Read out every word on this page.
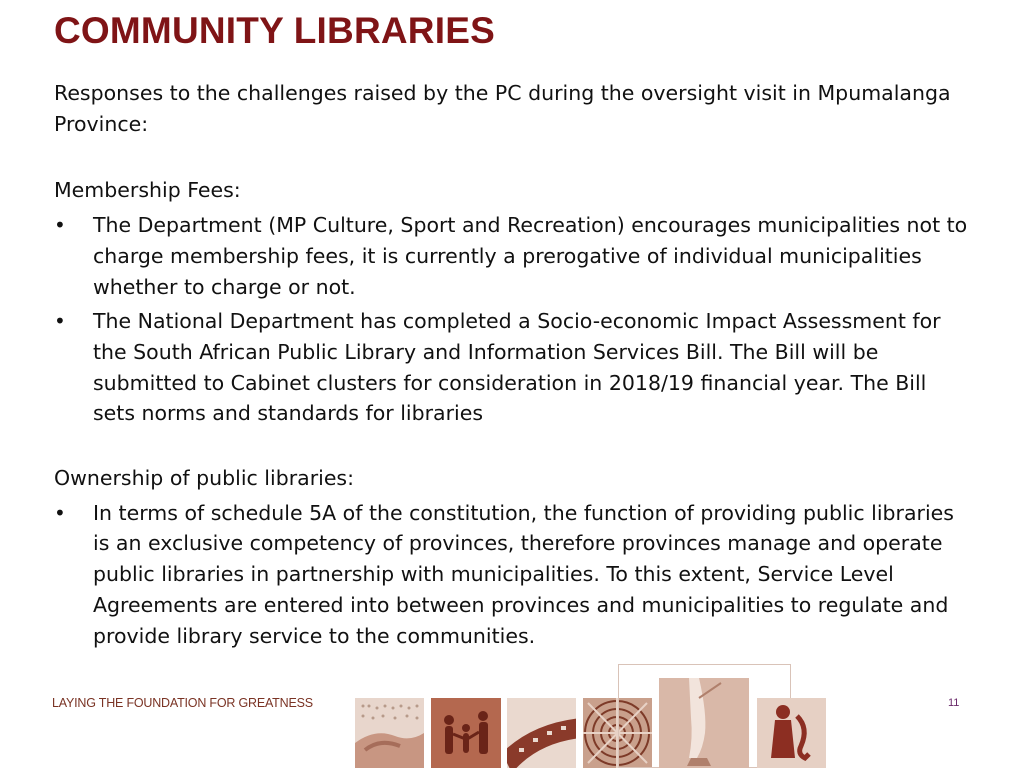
COMMUNITY LIBRARIES

Responses to the challenges raised by the PC during the oversight visit in Mpumalanga Province:

Membership Fees:

• The Department (MP Culture, Sport and Recreation) encourages municipalities not to charge membership fees, it is currently a prerogative of individual municipalities whether to charge or not.
• The National Department has completed a Socio-economic Impact Assessment for the South African Public Library and Information Services Bill. The Bill will be submitted to Cabinet clusters for consideration in 2018/19 financial year. The Bill sets norms and standards for libraries

Ownership of public libraries:

• In terms of schedule 5A of the constitution, the function of providing public libraries is an exclusive competency of provinces, therefore provinces manage and operate public libraries in partnership with municipalities. To this extent, Service Level Agreements are entered into between provinces and municipalities to regulate and provide library service to the communities.
LAYING THE FOUNDATION FOR GREATNESS	11
